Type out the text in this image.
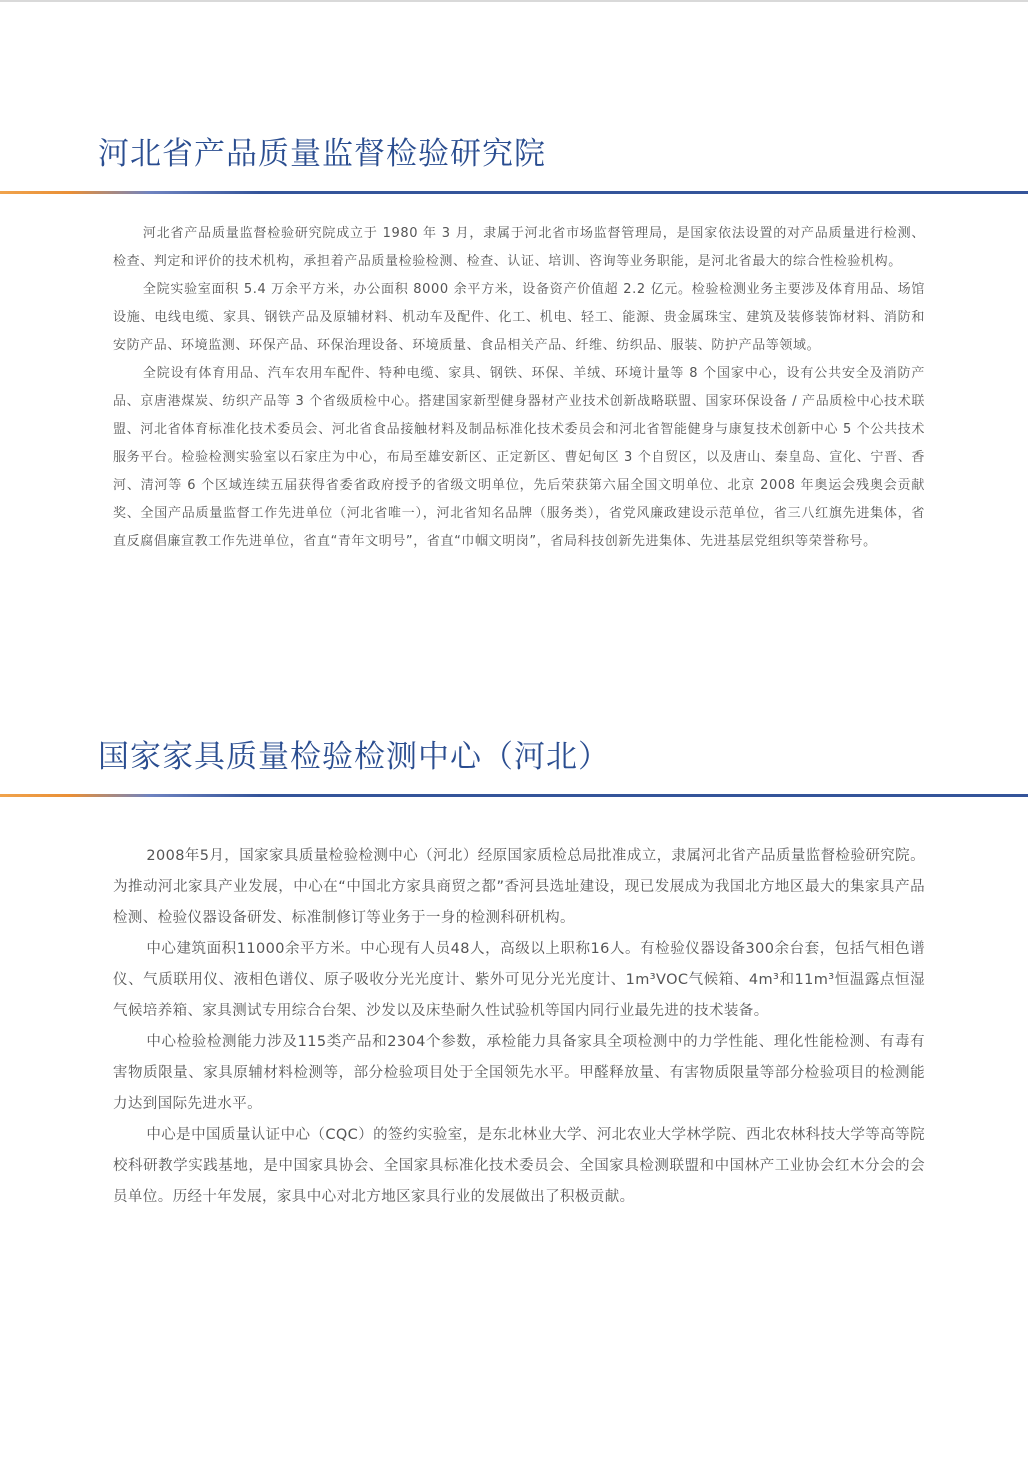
河北省产品质量监督检验研究院

河北省产品质量监督检验研究院成立于 1980 年 3 月，隶属于河北省市场监督管理局，是国家依法设置的对产品质量进行检测、检查、判定和评价的技术机构，承担着产品质量检验检测、检查、认证、培训、咨询等业务职能，是河北省最大的综合性检验机构。

全院实验室面积 5.4 万余平方米，办公面积 8000 余平方米，设备资产价值超 2.2 亿元。检验检测业务主要涉及体育用品、场馆设施、电线电缆、家具、钢铁产品及原辅材料、机动车及配件、化工、机电、轻工、能源、贵金属珠宝、建筑及装修装饰材料、消防和安防产品、环境监测、环保产品、环保治理设备、环境质量、食品相关产品、纤维、纺织品、服装、防护产品等领域。

全院设有体育用品、汽车农用车配件、特种电缆、家具、钢铁、环保、羊绒、环境计量等 8 个国家中心，设有公共安全及消防产品、京唐港煤炭、纺织产品等 3 个省级质检中心。搭建国家新型健身器材产业技术创新战略联盟、国家环保设备 / 产品质检中心技术联盟、河北省体育标准化技术委员会、河北省食品接触材料及制品标准化技术委员会和河北省智能健身与康复技术创新中心 5 个公共技术服务平台。检验检测实验室以石家庄为中心，布局至雄安新区、正定新区、曹妃甸区 3 个自贸区，以及唐山、秦皇岛、宣化、宁晋、香河、清河等 6 个区域连续五届获得省委省政府授予的省级文明单位，先后荣获第六届全国文明单位、北京 2008 年奥运会残奥会贡献奖、全国产品质量监督工作先进单位（河北省唯一），河北省知名品牌（服务类），省党风廉政建设示范单位，省三八红旗先进集体，省直反腐倡廉宣教工作先进单位，省直“青年文明号”，省直“巾帼文明岗”，省局科技创新先进集体、先进基层党组织等荣誉称号。

国家家具质量检验检测中心（河北）

2008年5月，国家家具质量检验检测中心（河北）经原国家质检总局批准成立，隶属河北省产品质量监督检验研究院。为推动河北家具产业发展，中心在“中国北方家具商贸之都”香河县选址建设，现已发展成为我国北方地区最大的集家具产品检测、检验仪器设备研发、标准制修订等业务于一身的检测科研机构。

中心建筑面积11000余平方米。中心现有人员48人，高级以上职称16人。有检验仪器设备300余台套，包括气相色谱仪、气质联用仪、液相色谱仪、原子吸收分光光度计、紫外可见分光光度计、1m³VOC气候箱、4m³和11m³恒温露点恒湿气候培养箱、家具测试专用综合台架、沙发以及床垫耐久性试验机等国内同行业最先进的技术装备。

中心检验检测能力涉及115类产品和2304个参数，承检能力具备家具全项检测中的力学性能、理化性能检测、有毒有害物质限量、家具原辅材料检测等，部分检验项目处于全国领先水平。甲醛释放量、有害物质限量等部分检验项目的检测能力达到国际先进水平。

中心是中国质量认证中心（CQC）的签约实验室，是东北林业大学、河北农业大学林学院、西北农林科技大学等高等院校科研教学实践基地，是中国家具协会、全国家具标准化技术委员会、全国家具检测联盟和中国林产工业协会红木分会的会员单位。历经十年发展，家具中心对北方地区家具行业的发展做出了积极贡献。
